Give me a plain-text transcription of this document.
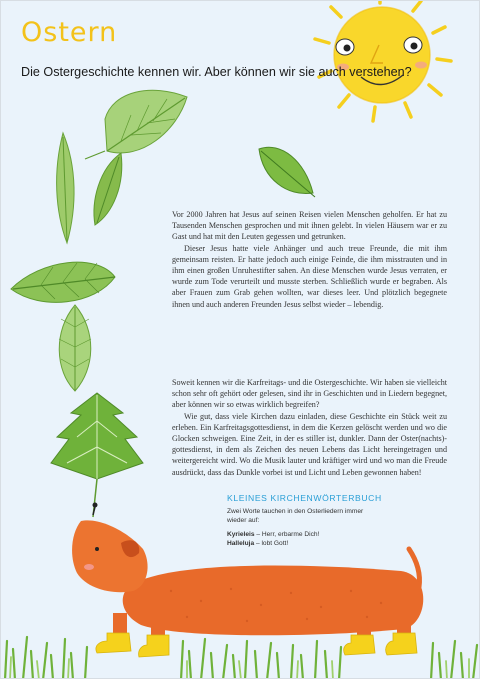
Ostern
Die Ostergeschichte kennen wir. Aber können wir sie auch verstehen?

Vor 2000 Jahren hat Jesus auf seinen Reisen vielen Menschen geholfen. Er hat zu Tausenden Menschen gesprochen und mit ihnen gelebt. In vielen Häusern war er zu Gast und hat mit den Leuten gegessen und getrunken.

Dieser Jesus hatte viele Anhänger und auch treue Freunde, die mit ihm gemeinsam reisten. Er hatte jedoch auch einige Feinde, die ihm misstrauten und in ihm einen großen Unruhestifter sahen. An diese Menschen wurde Jesus verraten, er wurde zum Tode verurteilt und musste sterben. Schließlich wurde er begraben. Als aber Frauen zum Grab gehen wollten, war dieses leer. Und plötzlich begegnete ihnen und auch anderen Freunden Jesus selbst wieder – lebendig.

Soweit kennen wir die Karfreitags- und die Ostergeschichte. Wir haben sie vielleicht schon sehr oft gehört oder gelesen, sind ihr in Geschichten und in Liedern begegnet, aber können wir so etwas wirklich begreifen?

Wie gut, dass viele Kirchen dazu einladen, diese Geschichte ein Stück weit zu erleben. Ein Karfreitagsgottesdienst, in dem die Kerzen gelöscht werden und wo die Glocken schweigen. Eine Zeit, in der es stiller ist, dunkler. Dann der Oster(nachts)-gottesdienst, in dem als Zeichen des neuen Lebens das Licht hereingetragen und weitergereicht wird. Wo die Musik lauter und kräftiger wird und wo man die Freude ausdrückt, dass das Dunkle vorbei ist und Licht und Leben gewonnen haben!

KLEINES KIRCHENWÖRTERBUCH
Zwei Worte tauchen in den Osterliedern immer wieder auf:
Kyrieleis – Herr, erbarme Dich!
Halleluja – lobt Gott!
